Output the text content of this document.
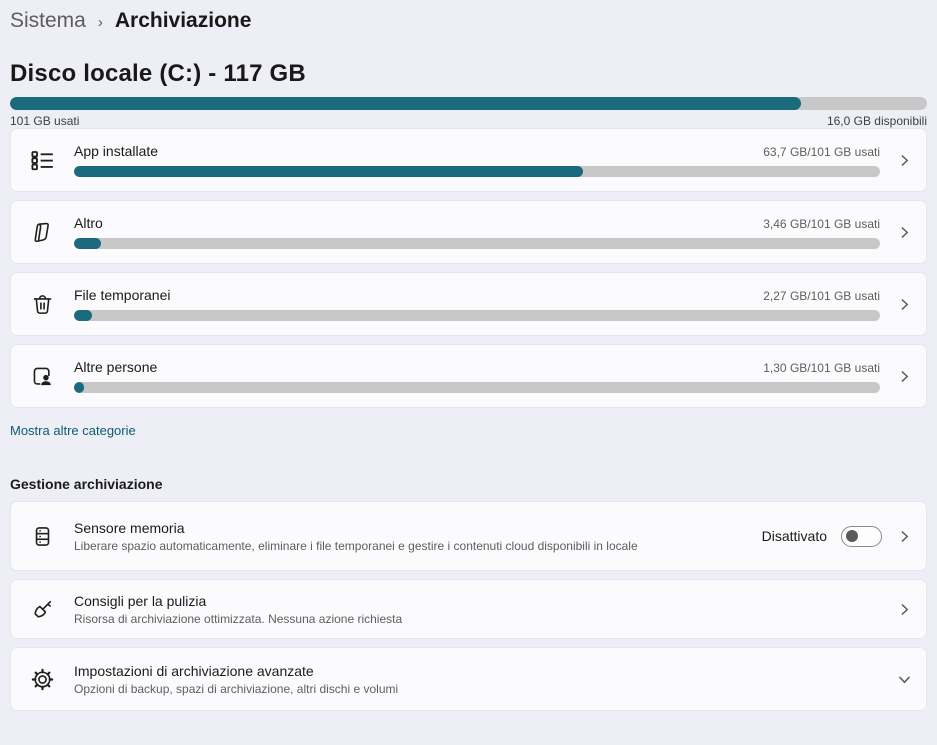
Sistema › Archiviazione
Disco locale (C:) - 117 GB
101 GB usati	16,0 GB disponibili
App installate	63,7 GB/101 GB usati
Altro	3,46 GB/101 GB usati
File temporanei	2,27 GB/101 GB usati
Altre persone	1,30 GB/101 GB usati
Mostra altre categorie
Gestione archiviazione
Sensore memoria
Liberare spazio automaticamente, eliminare i file temporanei e gestire i contenuti cloud disponibili in locale
Disattivato
Consigli per la pulizia
Risorsa di archiviazione ottimizzata. Nessuna azione richiesta
Impostazioni di archiviazione avanzate
Opzioni di backup, spazi di archiviazione, altri dischi e volumi
